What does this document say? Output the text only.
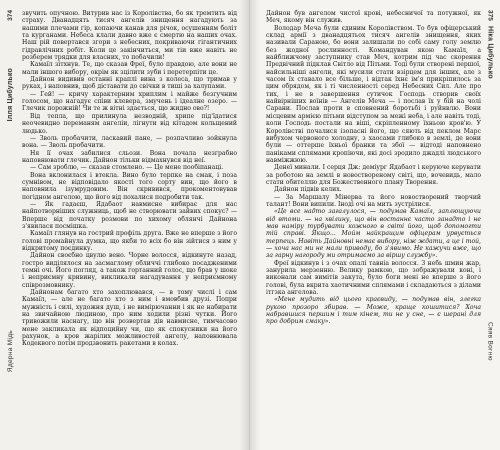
374
Ілля Цибулько
Ядерна Мідь

звучить опучною. Витурив нас із Королівства, бо як тремтить від страху. Дванадцять тисяч ангелів знищення нагадують за нашими плечами гір, копаючи канав для річок, осушенням боліт та курганами. Небеса клали давно вже є смертю на наших очах. Наш рій повертався згори з небесних, покриваючи гігантичних гідравлічних робіт. Коли це закінчиться, ми тіи вже навіть не розберем трядки для власних, то побачили!

Камаїл зітхнув. Те, що сказав Фреї, було правдою, але вони не мали іншого вибору, окрім як зцілити зуби і перетерпіти це.

Дайнон видивив останні краплі вина з колеса, що тримав у руках, і наповнив, щоб діставати до свічки в тиші за халупами.

— Гей! — кричу характерним хриплим і майже безгучним голосом, що нагадує співи клевера, змучень і ідеалне озеро. — Глечик порожній! Чи те ж вітні здається, що жидно ово?!

Від тепла, що прилинула незводній, хрипе під'їдатися неочевидно переманям ангеліи, лігнути від кітадом кольщений людько.

— Зволь пробачити, ласкавий пане, — розпачливо зойкнула вона. — Зволь пробачити.

Ня її очах забилися сльози. Вона почала незграбно наповнювати глечик. Дайнон тільки відмахнувся від неї.

— Сам зроблю, — сказав стомлено. — Це мене пообіпанаці.

Вона вклонилася і втекла. Вино було терпке на смак, і поза сумнівом, не відповідало якості того сорту вин, що його в наповнила ізумрудовим. Він скривився, прокоментовував погідном ангелою, що його від похалися подробити так.

— Як гадаєш, Ядабаот навмисне вибирає для нас найпотворніших служниць, щоб не створювати зайвих спокус? — Вперше від початку розмови по хихому облянчі Дайнона з'явилася посмішка.

Камаїл глянув на гострий профіль друга. Вже не вперше з його голові промайнула думка, що якби то всіх бо він зійтися з ним у відкритому поєдинку.

Дайнон своєбно цвулю вено. Чорне волосся, відкинуте назад, гостро виділялося на засмаглому обличчі глибоко посадженими темні очі. Його погляд, а також гортанний голос, що брав у шоке і неприємну кривину, викликали нагадування у неприємному співрозмовнику.

Дайнонам багато хто захоплювався, — в тому числі і сам Камаїл, — але не багато хто з ним і вмовбив друзі. Попри мужність і силі, художня душ, і не вимірючанни і як не набирати на звичайною людиною, про ним ходили різні чутки. Його тривожили наснагу, що він розвертав дів навмисне, тимчасово мене закликала як відпоцийну чи, що як спокусники на його рахунок, а кров жарілих можливостей ангелу, наповнювала Кодеквого потім продзвонить ракетами в колах.

375
Ніка Цибулько
Сяяв Вогню

Дайнон був ангелом чистої крові, небесничої та потужної, як Меч, якому він служив.

Володар Меча були єдиним Королівством. То був офіцерський склад армії з дванадцятьох тисяч ангелів знищення, яких називали Сараною, бо вони залишали по собі саму голу землю без жодної рослинності. Командуван якою Камаїл, а найближчому заступнику став Меч, котрим під час скорення Предвічний підклав Світло від Пітьми. Тоді були створені першої, найсильніші ангели, які мусили стати взірцем для інших, але з часом їх ставало все більше, і відтак їхнє ім'я прикріпилось за цим обрядом, як і ті численності серед Небесних Сил. Але про тих, і не в завершення сутичок Господь створив своїх найвірніших воїнів — Ангелів Меча — і послав їх у бій на чолі Сарани. Послав проти в сповнений боротьбі і руйнвлю. Вони місцевим армією пітьми відступом за межі неба, і але навіть тоді, коли Господь постали на віші, скріпленному їхньою кров'ю. У Королівстві почалися ізопасні його, що сяють від пеклом Марс вибухом червоного холодну, з хаосами глибоко в землі, де вони були — оттерше їхньої бранки та збої — відтоді наповнено паніками сплямами кропіючи, які досі зродило джадлі людського навміжжюю.

Денеї минали. І серця Дж: деміург Ядабаот і керуюче керувати за роботою на землі в новоствореному світі, що, вочевидь, мало стати обителлю для Божественного плану Творення.

Дайнон підвів келих.

— За Маршалу Мінерва та його новостворений творчий талант! Вони випили. Іноді очі на мить зустрілися.

«Це все надто загалулося, — подумав Камаїл, заплющуючи від втоми. — на хвілину, що він востаннє часто занадто і не мав наміру турбувати кожного в світі його, щоб допомогти тій справі. Якщо... Мойм найкращим офіцерам урвується терпець. Навіть Дайновні немає вибору, ніж ждати, а це і той, — хоча нас ми не мали приводу, бо з'явимо. Не кажучи вже, що за гарну нагороду ми отримаємо за віршу службу».

Фреї відкинув і з очах опалі тавніа волосся. З небь шмин жар, занурила мерзенню. Велику рамкою, що зображували коні, і виконали сам вимітів закута, було боги мені не вперше з його голові, була вкрита хаотичними сплямами і складаються з ділами ітгзка ангелова.

«Мене мудить від цього краєвиду, — подумав він, злегка рукою прозоро збирав. — Може, краще кошитися? Хоча набравшися першим і тим кінем, ти не у сне, — є шерані для про добрим смаку».
